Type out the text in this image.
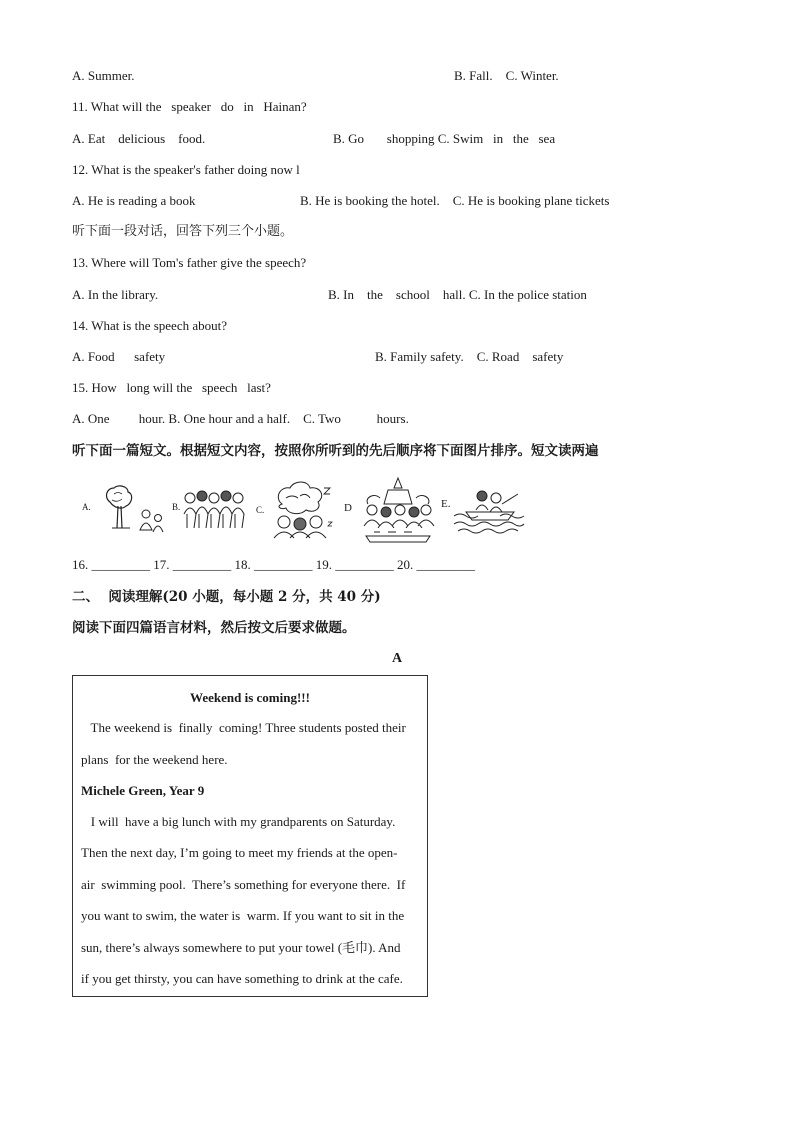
A. Summer.	B. Fall.    C. Winter.
11. What will the   speaker   do   in   Hainan?
A. Eat    delicious    food.	B. Go       shopping C. Swim   in   the   sea
12. What is the speaker's father doing now l
A. He is reading a book	B. He is booking the hotel.    C. He is booking plane tickets
听下面一段对话，回答下列三个小题。
13. Where will Tom's father give the speech?
A. In the library.	B. In    the    school    hall. C. In the police station
14. What is the speech about?
A. Food      safety	B. Family safety.    C. Road    safety
15. How   long will the   speech   last?
A. One         hour. B. One hour and a half.    C. Two           hours.
听下面一篇短文。根据短文内容，按照你所听到的先后顺序将下面图片排序。短文读两遍
A.	B.	C.	D	E.
16. _________ 17. _________ 18. _________ 19. _________ 20. _________
二、  阅读理解(20 小题，每小题 2 分，共 40 分)
阅读下面四篇语言材料，然后按文后要求做题。
A
Weekend is coming!!!
The weekend is  finally  coming! Three students posted their
plans  for the weekend here.
Michele Green, Year 9
I will  have a big lunch with my grandparents on Saturday.
Then the next day, I’m going to meet my friends at the open-
air  swimming pool.  There’s something for everyone there.  If
you want to swim, the water is  warm. If you want to sit in the
sun, there’s always somewhere to put your towel (毛巾). And
if you get thirsty, you can have something to drink at the cafe.
